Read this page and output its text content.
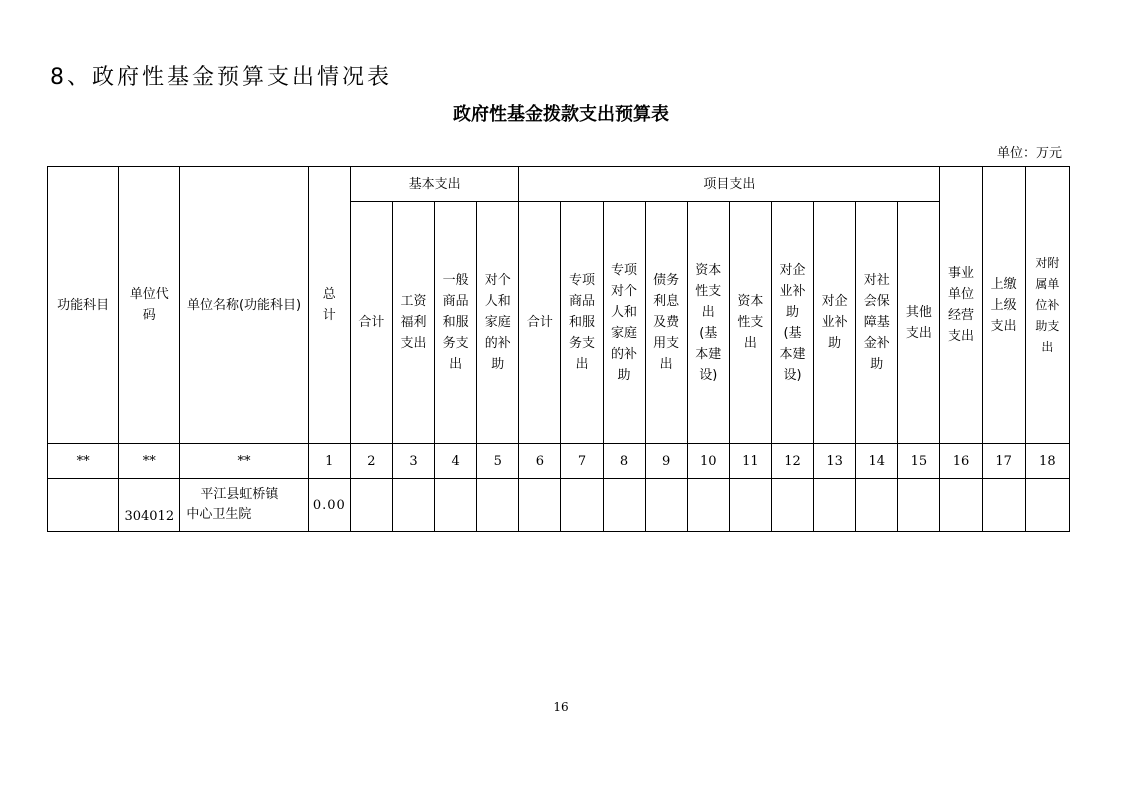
8、政府性基金预算支出情况表
政府性基金拨款支出预算表
单位：万元
功能科目	单位代码	单位名称(功能科目)	总计	基本支出				项目支出										事业单位经营支出	上缴上级支出	对附属单位补助支出
				合计	工资福利支出	一般商品和服务支出	对个人和家庭的补助	合计	专项商品和服务支出	专项对个人和家庭的补助	债务利息及费用支出	资本性支出(基本建设)	资本性支出	对企业补助(基本建设)	对企业补助	对社会保障基金补助	其他支出			
**	**	**	1	2	3	4	5	6	7	8	9	10	11	12	13	14	15	16	17	18
	304012	平江县虹桥镇中心卫生院	0.00																	
16
